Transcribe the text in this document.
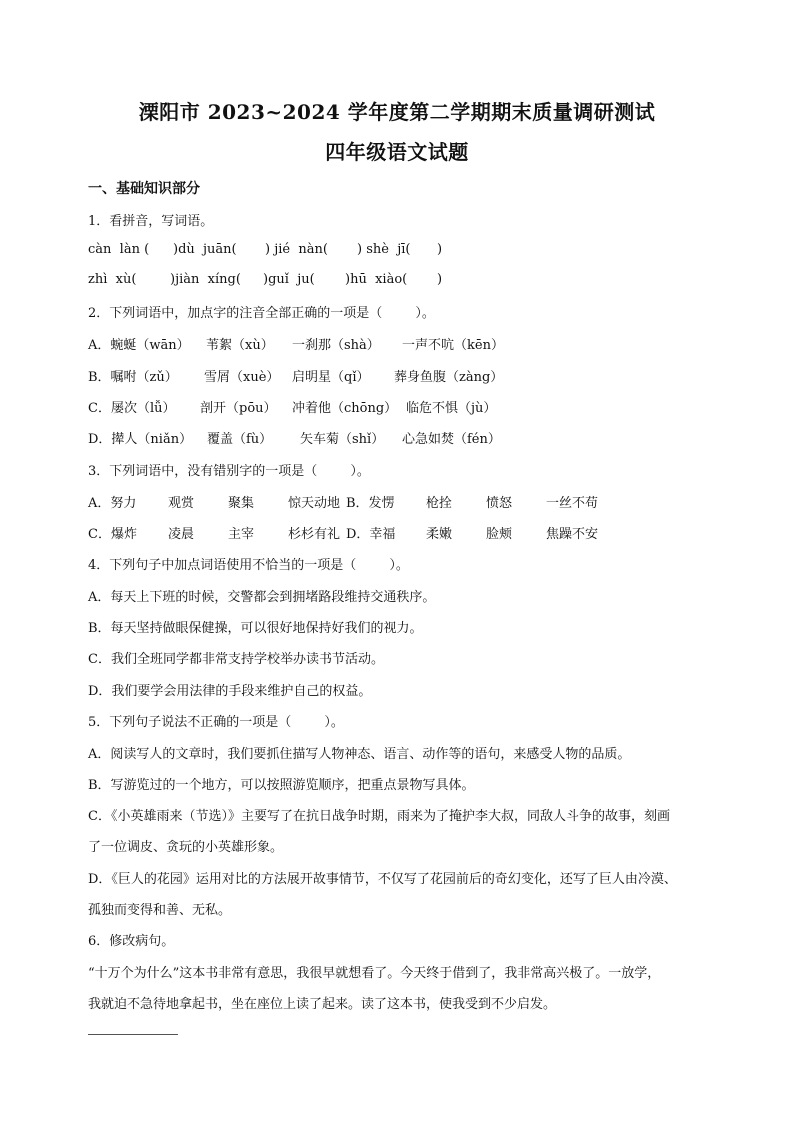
溧阳市 2023~2024 学年度第二学期期末质量调研测试
四年级语文试题
一、基础知识部分
1．看拼音，写词语。
càn  làn ( )dù  juān( ) jié  nàn( ) shè  jī( )
zhì  xù(	)jiàn  xíng( )guǐ  ju( )hū  xiào( )
2．下列词语中，加点字的注音全部正确的一项是（        ）。
A．蜿蜒（wān） 苇絮（xù） 一刹那（shà） 一声不吭（kēn）
B．嘱咐（zǔ） 雪屑（xuè） 启明星（qǐ） 葬身鱼腹（zàng）
C．屡次（lǚ） 剖开（pōu） 冲着他（chōng） 临危不惧（jù）
D．撵人（niǎn） 覆盖（fù） 矢车菊（shǐ） 心急如焚（fén）
3．下列词语中，没有错别字的一项是（        ）。
A．努力 观赏	聚集	惊天动地 B．发愣 枪拴	愤怒	一丝不苟
C．爆炸 凌晨	主宰	杉杉有礼 D．幸福 柔嫩	脸颊	焦躁不安
4．下列句子中加点词语使用不恰当的一项是（        ）。
A．每天上下班的时候，交警都会到拥堵路段维持交通秩序。
B．每天坚持做眼保健操，可以很好地保持好我们的视力。
C．我们全班同学都非常支持学校举办读书节活动。
D．我们要学会用法律的手段来维护自己的权益。
5．下列句子说法不正确的一项是（        ）。
A．阅读写人的文章时，我们要抓住描写人物神态、语言、动作等的语句，来感受人物的品质。
B．写游览过的一个地方，可以按照游览顺序，把重点景物写具体。
C．《小英雄雨来（节选）》主要写了在抗日战争时期，雨来为了掩护李大叔，同敌人斗争的故事，刻画
了一位调皮、贪玩的小英雄形象。
D．《巨人的花园》运用对比的方法展开故事情节，不仅写了花园前后的奇幻变化，还写了巨人由冷漠、
孤独而变得和善、无私。
6．修改病句。
“十万个为什么”这本书非常有意思，我很早就想看了。今天终于借到了，我非常高兴极了。一放学，
我就迫不急待地拿起书，坐在座位上读了起来。读了这本书，使我受到不少启发。
